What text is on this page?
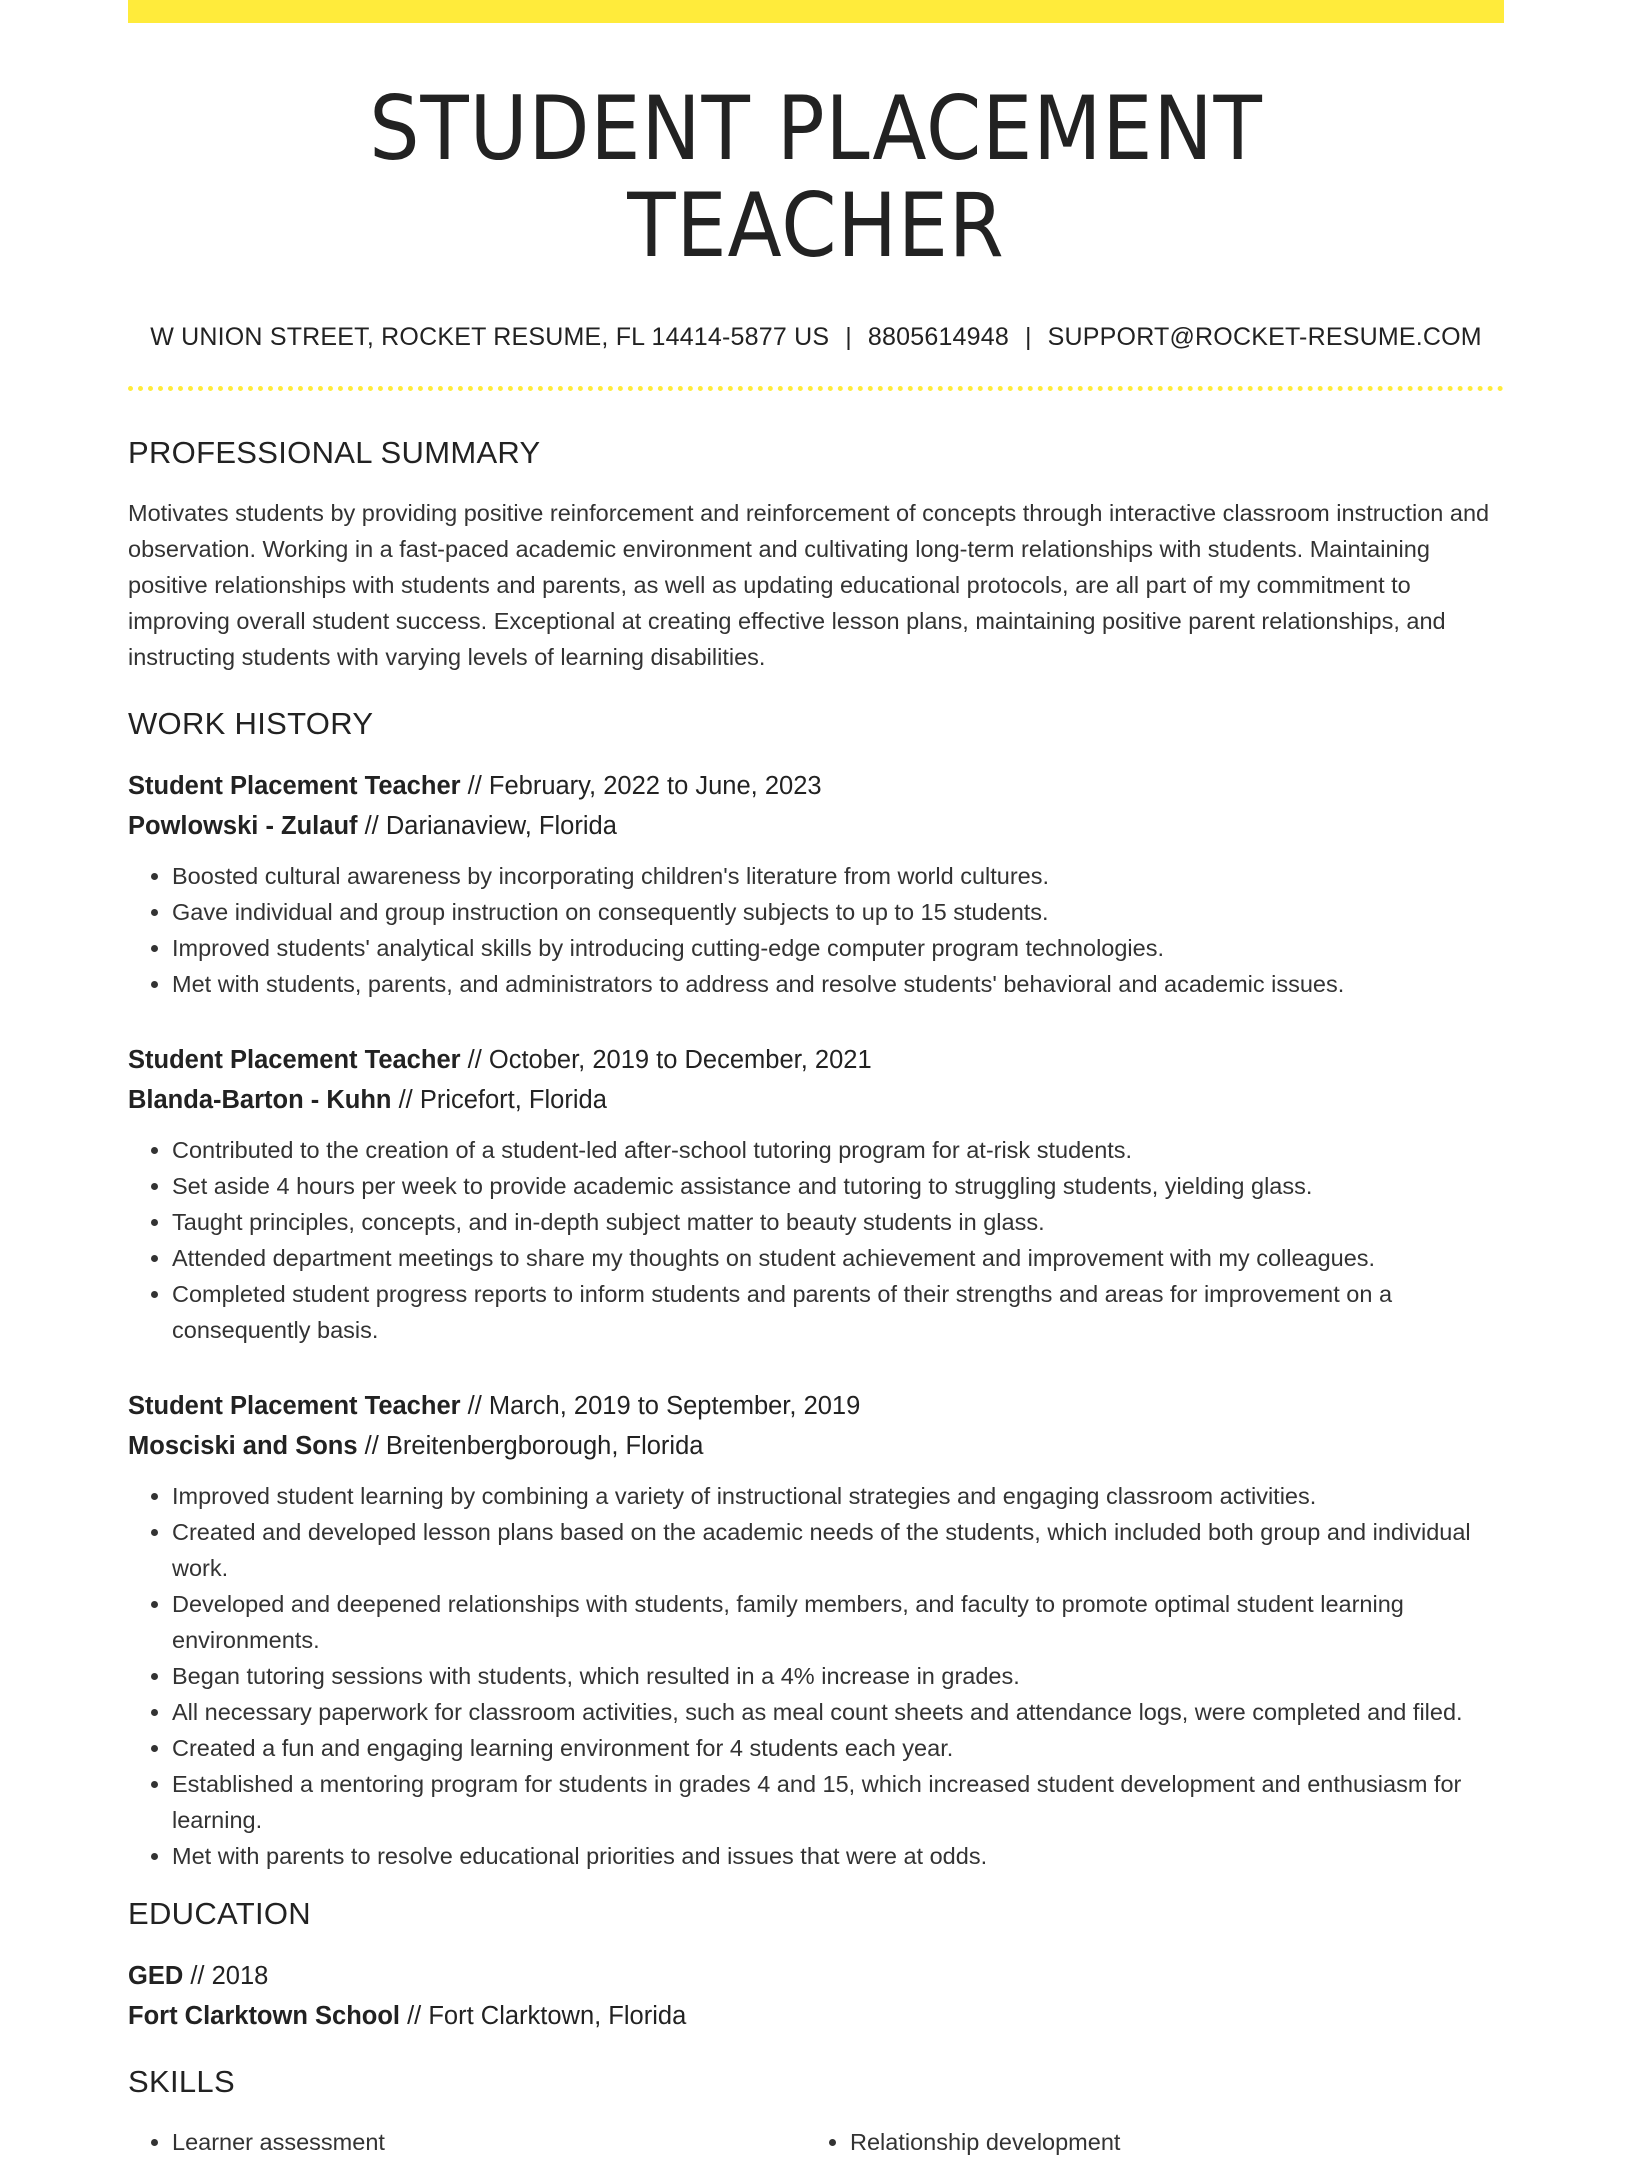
STUDENT PLACEMENT TEACHER
W UNION STREET, ROCKET RESUME, FL 14414-5877 US | 8805614948 | SUPPORT@ROCKET-RESUME.COM
PROFESSIONAL SUMMARY

Motivates students by providing positive reinforcement and reinforcement of concepts through interactive classroom instruction and observation. Working in a fast-paced academic environment and cultivating long-term relationships with students. Maintaining positive relationships with students and parents, as well as updating educational protocols, are all part of my commitment to improving overall student success. Exceptional at creating effective lesson plans, maintaining positive parent relationships, and instructing students with varying levels of learning disabilities.

WORK HISTORY
Student Placement Teacher // February, 2022 to June, 2023
Powlowski - Zulauf // Darianaview, Florida
• Boosted cultural awareness by incorporating children's literature from world cultures.
• Gave individual and group instruction on consequently subjects to up to 15 students.
• Improved students' analytical skills by introducing cutting-edge computer program technologies.
• Met with students, parents, and administrators to address and resolve students' behavioral and academic issues.
Student Placement Teacher // October, 2019 to December, 2021
Blanda-Barton - Kuhn // Pricefort, Florida
• Contributed to the creation of a student-led after-school tutoring program for at-risk students.
• Set aside 4 hours per week to provide academic assistance and tutoring to struggling students, yielding glass.
• Taught principles, concepts, and in-depth subject matter to beauty students in glass.
• Attended department meetings to share my thoughts on student achievement and improvement with my colleagues.
• Completed student progress reports to inform students and parents of their strengths and areas for improvement on a consequently basis.
Student Placement Teacher // March, 2019 to September, 2019
Mosciski and Sons // Breitenbergborough, Florida
• Improved student learning by combining a variety of instructional strategies and engaging classroom activities.
• Created and developed lesson plans based on the academic needs of the students, which included both group and individual work.
• Developed and deepened relationships with students, family members, and faculty to promote optimal student learning environments.
• Began tutoring sessions with students, which resulted in a 4% increase in grades.
• All necessary paperwork for classroom activities, such as meal count sheets and attendance logs, were completed and filed.
• Created a fun and engaging learning environment for 4 students each year.
• Established a mentoring program for students in grades 4 and 15, which increased student development and enthusiasm for learning.
• Met with parents to resolve educational priorities and issues that were at odds.
EDUCATION
GED // 2018
Fort Clarktown School // Fort Clarktown, Florida
SKILLS
• Learner assessment
•	Relationship development
